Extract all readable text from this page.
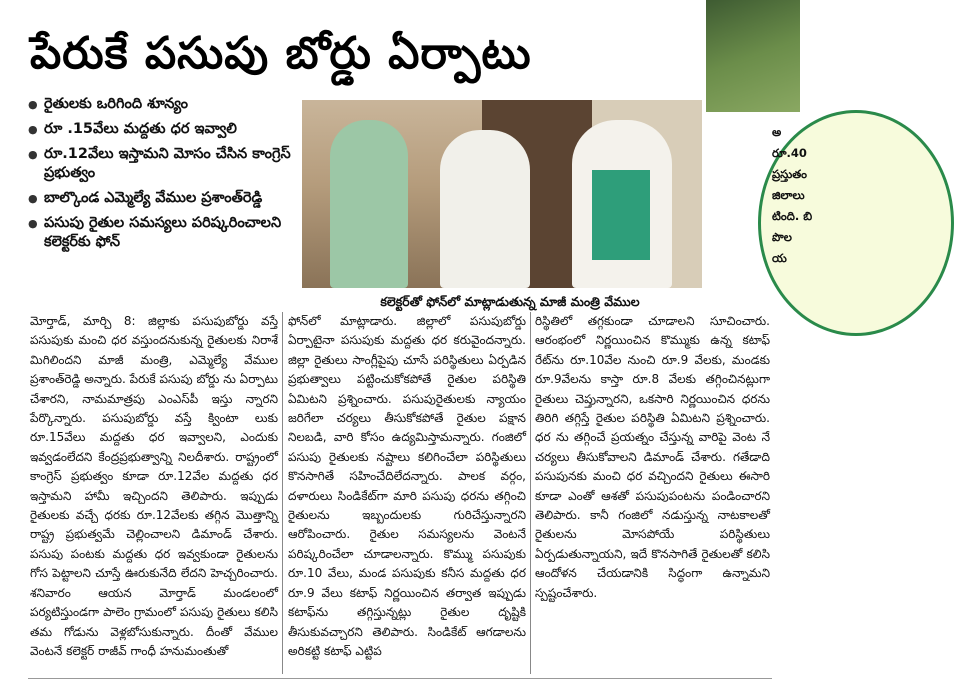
పేరుకే పసుపు బోర్డు ఏర్పాటు
● రైతులకు ఒరిగింది శూన్యం
● రూ .15వేలు మద్దతు ధర ఇవ్వాలి
● రూ.12వేలు ఇస్తామని మోసం చేసిన కాంగ్రెస్ ప్రభుత్వం
● బాల్కొండ ఎమ్మెల్యే వేముల ప్రశాంత్‌రెడ్డి
● పసుపు రైతుల సమస్యలు పరిష్కరించాలని కలెక్టర్‌కు ఫోన్
కలెక్టర్‌తో ఫోన్‌లో మాట్లాడుతున్న మాజీ మంత్రి వేముల
అ
రూ.40
ప్రస్తుతం
జిలాలు
టింది. బి
పొల
య
మోర్తాడ్, మార్చి 8: జిల్లాకు పసుపుబోర్డు వస్తే పసుపుకు మంచి ధర వస్తుందనుకున్న రైతులకు నిరాశే మిగిలిందని మాజీ మంత్రి, ఎమ్మెల్యే వేముల ప్రశాంత్‌రెడ్డి అన్నారు. పేరుకే పసుపు బోర్డు ను ఏర్పాటు చేశారని, నామమాత్రపు ఎంఎస్‌పీ ఇస్తు న్నారని పేర్కొన్నారు. పసుపుబోర్డు వస్తే క్వింటా లుకు రూ.15వేలు మద్దతు ధర ఇవ్వాలని, ఎందుకు ఇవ్వడంలేదని కేంద్రప్రభుత్వాన్ని నిలదీశారు. రాష్ట్రంలో కాంగ్రెస్ ప్రభుత్వం కూడా రూ.12వేల మద్దతు ధర ఇస్తామని హామీ ఇచ్చిందని తెలిపారు. ఇప్పుడు రైతులకు వచ్చే ధరకు రూ.12వేలకు తగ్గిన మొత్తాన్ని రాష్ట్ర ప్రభుత్వమే చెల్లించాలని డిమాండ్ చేశారు. పసుపు పంటకు మద్దతు ధర ఇవ్వకుండా రైతులను గోస పెట్టాలని చూస్తే ఊరుకునేది లేదని హెచ్చరించారు. శనివారం ఆయన మోర్తాడ్ మండలంలో పర్యటిస్తుండగా పాలెం గ్రామంలో పసుపు రైతులు కలిసి తమ గోడును వెళ్లబోసుకున్నారు. దీంతో వేముల వెంటనే కలెక్టర్ రాజీవ్ గాంధీ హనుమంతుతో
ఫోన్‌లో మాట్లాడారు. జిల్లాలో పసుపుబోర్డు ఏర్పాటైనా పసుపుకు మద్దతు ధర కరువైందన్నారు. జిల్లా రైతులు సాంగ్లీపైపు చూసే పరిస్థితులు ఏర్పడిన ప్రభుత్వాలు పట్టించుకోకపోతే రైతుల పరిస్థితి ఏమిటని ప్రశ్నించారు. పసుపురైతులకు న్యాయం జరిగేలా చర్యలు తీసుకోకపోతే రైతుల పక్షాన నిలబడి, వారి కోసం ఉద్యమిస్తామన్నారు. గంజిలో పసుపు రైతులకు నష్టాలు కలిగించేలా పరిస్థితులు కొనసాగితే సహించేదిలేదన్నారు. పాలక వర్గం, దళారులు సిండికేట్‌గా మారి పసుపు ధరను తగ్గించి రైతులను ఇబ్బందులకు గురిచేస్తున్నారని ఆరోపించారు. రైతుల సమస్యలను వెంటనే పరిష్కరించేలా చూడాలన్నారు. కొమ్ము పసుపుకు రూ.10 వేలు, మండ పసుపుకు కనీస మద్దతు ధర రూ.9 వేలు కటాఫ్ నిర్ణయించిన తర్వాత ఇప్పుడు కటాఫ్‌ను తగ్గిస్తున్నట్లు రైతుల దృష్టికి తీసుకువచ్చారని తెలిపారు. సిండికేట్ ఆగడాలను అరికట్టి కటాఫ్ ఎట్టిప
రిస్థితిలో తగ్గకుండా చూడాలని సూచించారు. ఆరంభంలో నిర్ణయించిన కొమ్ముకు ఉన్న కటాఫ్ రేట్‌ను రూ.10వేల నుంచి రూ.9 వేలకు, మండకు రూ.9వేలను కాస్తా రూ.8 వేలకు తగ్గించినట్లుగా రైతులు చెప్తున్నారని, ఒకసారి నిర్ణయించిన ధరను తిరిగి తగ్గిస్తే రైతుల పరిస్థితి ఏమిటని ప్రశ్నించారు. ధర ను తగ్గించే ప్రయత్నం చేస్తున్న వారిపై వెంట నే చర్యలు తీసుకోవాలని డిమాండ్ చేశారు. గతేడాది పసుపునకు మంచి ధర వచ్చిందని రైతులు ఈసారి కూడా ఎంతో ఆశతో పసుపుపంటను పండించారని తెలిపారు. కానీ గంజిలో నడుస్తున్న నాటకాలతో రైతులను మోసపోయే పరిస్థితులు ఏర్పడుతున్నాయని, ఇదే కొనసాగితే రైతులతో కలిసి ఆందోళన చేయడానికి సిద్ధంగా ఉన్నామని స్పష్టంచేశారు.
